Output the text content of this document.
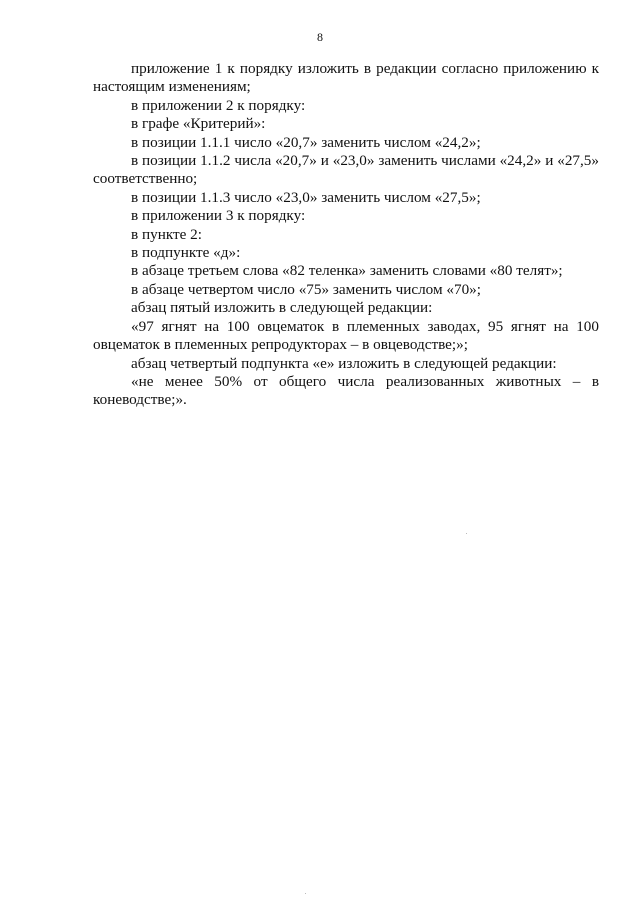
8

приложение 1 к порядку изложить в редакции согласно приложению к настоящим изменениям;

в приложении 2 к порядку:

в графе «Критерий»:

в позиции 1.1.1 число «20,7» заменить числом «24,2»;

в позиции 1.1.2 числа «20,7» и «23,0» заменить числами «24,2» и «27,5» соответственно;

в позиции 1.1.3 число «23,0» заменить числом «27,5»;

в приложении 3 к порядку:

в пункте 2:

в подпункте «д»:

в абзаце третьем слова «82 теленка» заменить словами «80 телят»;

в абзаце четвертом число «75» заменить числом «70»;

абзац пятый изложить в следующей редакции:

«97 ягнят на 100 овцематок в племенных заводах, 95 ягнят на 100 овцематок в племенных репродукторах – в овцеводстве;»;

абзац четвертый подпункта «е» изложить в следующей редакции:

«не менее 50% от общего числа реализованных животных – в коневодстве;».
